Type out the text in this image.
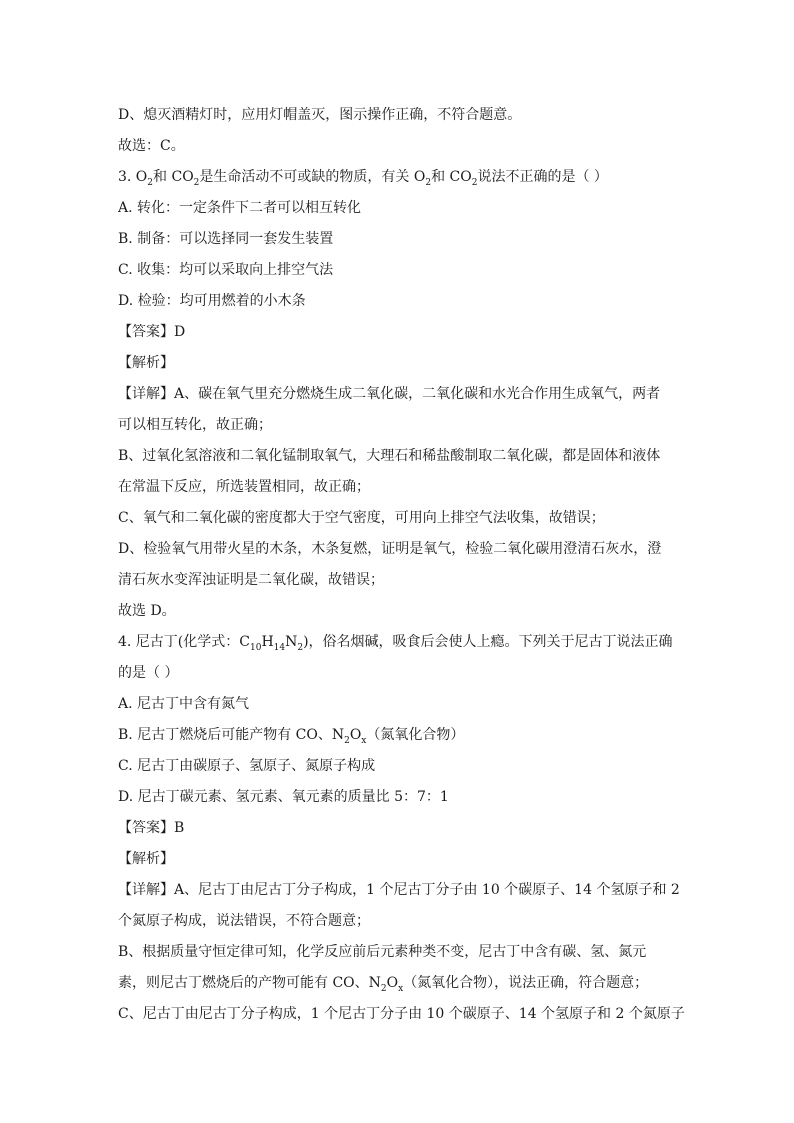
D、熄灭酒精灯时，应用灯帽盖灭，图示操作正确，不符合题意。
故选：C。
3. $O_2$和 $CO_2$是生命活动不可或缺的物质，有关 $O_2$和 $CO_2$说法不正确的是（ ）
A. 转化：一定条件下二者可以相互转化
B. 制备：可以选择同一套发生装置
C. 收集：均可以采取向上排空气法
D. 检验：均可用燃着的小木条
【答案】D
【解析】
【详解】A、碳在氧气里充分燃烧生成二氧化碳，二氧化碳和水光合作用生成氧气，两者
可以相互转化，故正确；
B、过氧化氢溶液和二氧化锰制取氧气，大理石和稀盐酸制取二氧化碳，都是固体和液体
在常温下反应，所选装置相同，故正确；
C、氧气和二氧化碳的密度都大于空气密度，可用向上排空气法收集，故错误；
D、检验氧气用带火星的木条，木条复燃，证明是氧气，检验二氧化碳用澄清石灰水，澄
清石灰水变浑浊证明是二氧化碳，故错误；
故选 D。
4. 尼古丁(化学式：$C_{10}H_{14}N_2$)，俗名烟碱，吸食后会使人上瘾。下列关于尼古丁说法正确
的是（ ）
A. 尼古丁中含有氮气
B. 尼古丁燃烧后可能产物有 CO、$N_2O_x$（氮氧化合物）
C. 尼古丁由碳原子、氢原子、氮原子构成
D. 尼古丁碳元素、氢元素、氧元素的质量比 5：7：1
【答案】B
【解析】
【详解】A、尼古丁由尼古丁分子构成，1 个尼古丁分子由 10 个碳原子、14 个氢原子和 2
个氮原子构成，说法错误，不符合题意；
B、根据质量守恒定律可知，化学反应前后元素种类不变，尼古丁中含有碳、氢、氮元
素，则尼古丁燃烧后的产物可能有 CO、$N_2O_x$（氮氧化合物），说法正确，符合题意；
C、尼古丁由尼古丁分子构成，1 个尼古丁分子由 10 个碳原子、14 个氢原子和 2 个氮原子
